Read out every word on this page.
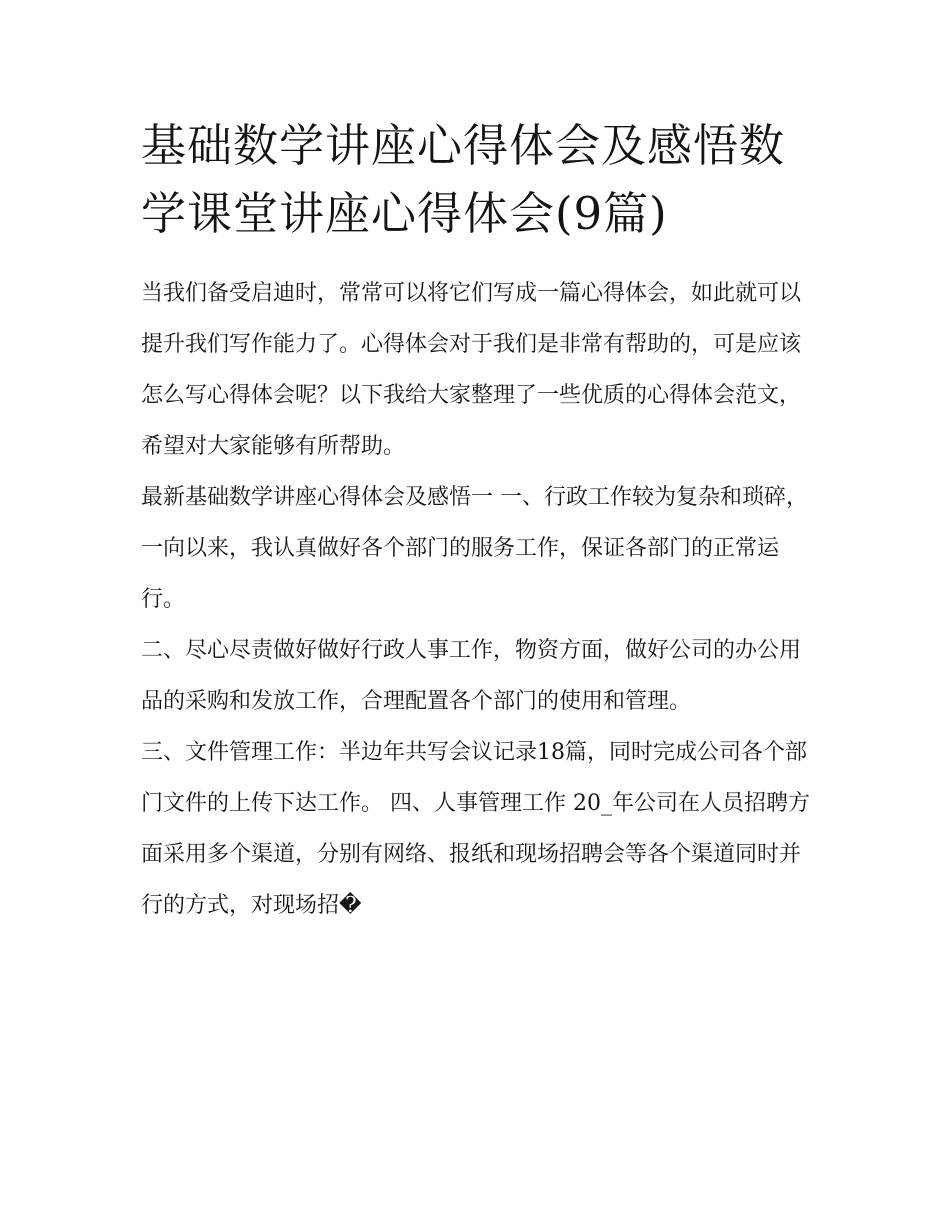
基础数学讲座心得体会及感悟数学课堂讲座心得体会(9篇)

当我们备受启迪时，常常可以将它们写成一篇心得体会，如此就可以提升我们写作能力了。心得体会对于我们是非常有帮助的，可是应该怎么写心得体会呢？以下我给大家整理了一些优质的心得体会范文，希望对大家能够有所帮助。

最新基础数学讲座心得体会及感悟一 一、行政工作较为复杂和琐碎，一向以来，我认真做好各个部门的服务工作，保证各部门的正常运行。

二、尽心尽责做好做好行政人事工作，物资方面，做好公司的办公用品的采购和发放工作，合理配置各个部门的使用和管理。

三、文件管理工作：半边年共写会议记录18篇，同时完成公司各个部门文件的上传下达工作。 四、人事管理工作 20_年公司在人员招聘方面采用多个渠道，分别有网络、报纸和现场招聘会等各个渠道同时并行的方式，对现场招�
